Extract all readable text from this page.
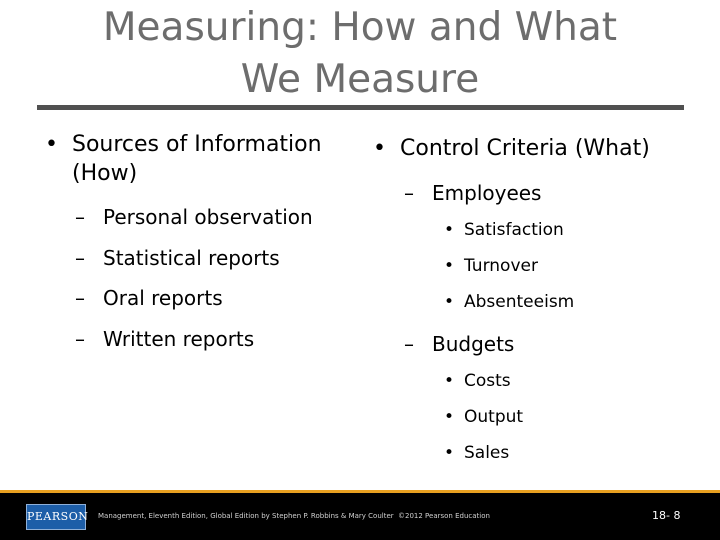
Measuring: How and What
We Measure
• Sources of Information
(How)
– Personal observation
– Statistical reports
– Oral reports
– Written reports
• Control Criteria (What)
– Employees
• Satisfaction
• Turnover
• Absenteeism
– Budgets
• Costs
• Output
• Sales
PEARSON Management, Eleventh Edition, Global Edition by Stephen P. Robbins & Mary Coulter ©2012 Pearson Education	18- 8
